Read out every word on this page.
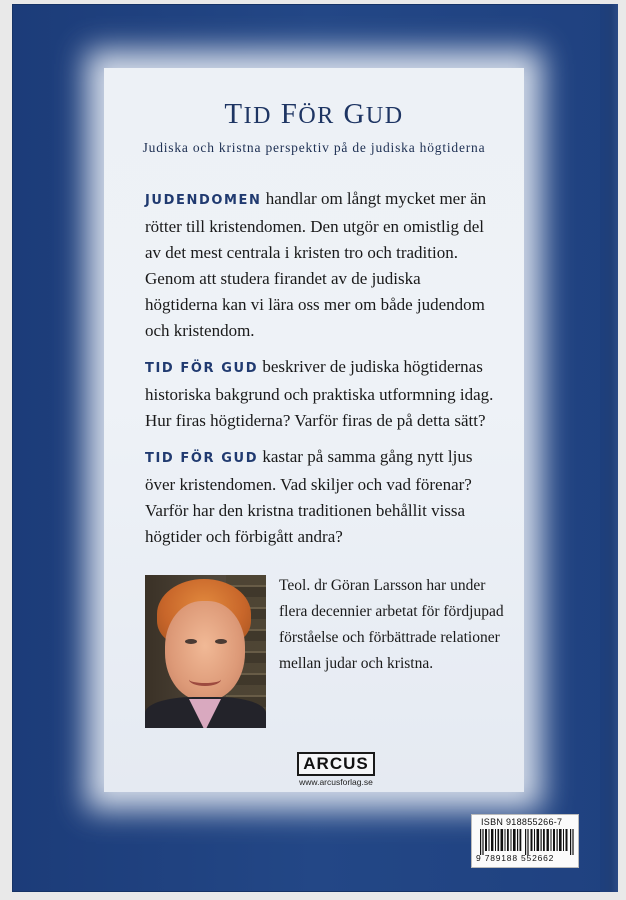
TID FÖR GUD
Judiska och kristna perspektiv på de judiska högtiderna

JUDENDOMEN handlar om långt mycket mer än rötter till kristendomen. Den utgör en omistlig del av det mest centrala i kristen tro och tradition. Genom att studera firandet av de judiska högtiderna kan vi lära oss mer om både judendom och kristendom.

TID FÖR GUD beskriver de judiska högtidernas historiska bakgrund och praktiska utformning idag. Hur firas högtiderna? Varför firas de på detta sätt?

TID FÖR GUD kastar på samma gång nytt ljus över kristendomen. Vad skiljer och vad förenar? Varför har den kristna traditionen behållit vissa högtider och förbigått andra?

Teol. dr Göran Larsson har under flera decennier arbetat för fördjupad förståelse och förbättrade relationer mellan judar och kristna.
ARCUS
www.arcusforlag.se
ISBN 918855266-7
9 789188 552662
